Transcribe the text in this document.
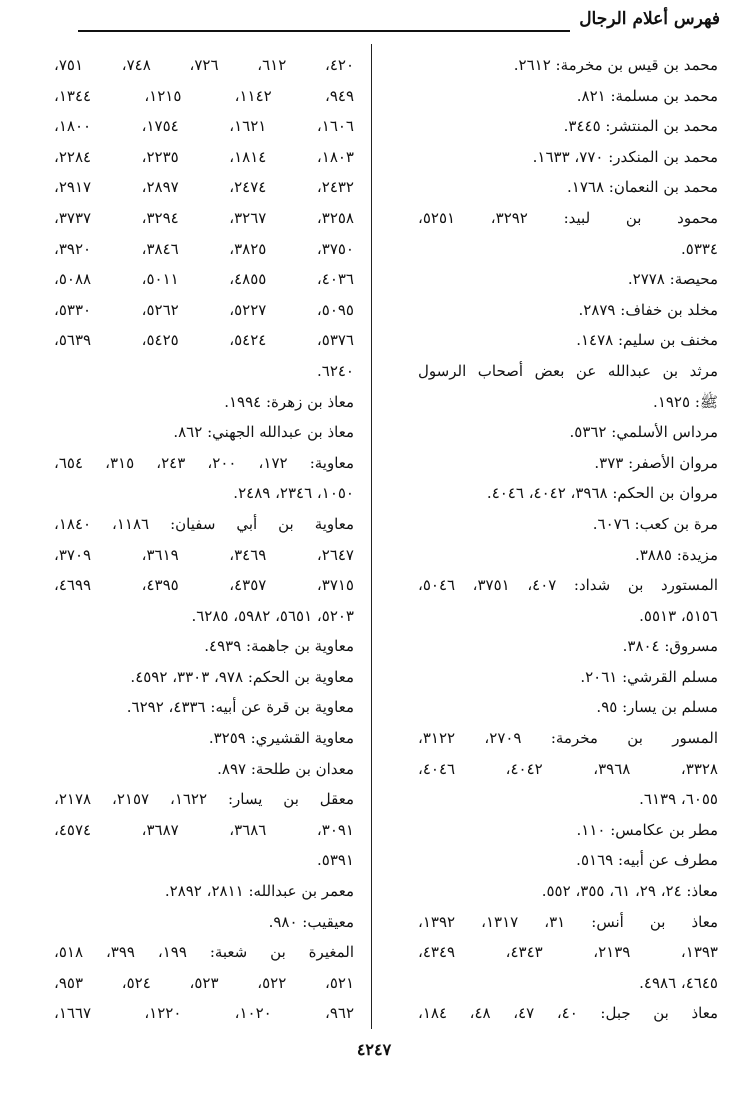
فهرس أعلام الرجال
محمد بن قيس بن مخرمة: ٢٦١٢.
محمد بن مسلمة: ٨٢١.
محمد بن المنتشر: ٣٤٤٥.
محمد بن المنكدر: ٧٧٠، ١٦٣٣.
محمد بن النعمان: ١٧٦٨.
محمود بن لبيد: ٣٢٩٢، ٥٢٥١،
٥٣٣٤.
محيصة: ٢٧٧٨.
مخلد بن خفاف: ٢٨٧٩.
مخنف بن سليم: ١٤٧٨.
مرثد بن عبدالله عن بعض أصحاب الرسول
ﷺ: ١٩٢٥.
مرداس الأسلمي: ٥٣٦٢.
مروان الأصفر: ٣٧٣.
مروان بن الحكم: ٣٩٦٨، ٤٠٤٢، ٤٠٤٦.
مرة بن كعب: ٦٠٧٦.
مزيدة: ٣٨٨٥.
المستورد بن شداد: ٤٠٧، ٣٧٥١، ٥٠٤٦،
٥١٥٦، ٥٥١٣.
مسروق: ٣٨٠٤.
مسلم القرشي: ٢٠٦١.
مسلم بن يسار: ٩٥.
المسور بن مخرمة: ٢٧٠٩، ٣١٢٢،
٣٣٢٨، ٣٩٦٨، ٤٠٤٢، ٤٠٤٦،
٦٠٥٥، ٦١٣٩.
مطر بن عكامس: ١١٠.
مطرف عن أبيه: ٥١٦٩.
معاذ: ٢٤، ٢٩، ٦١، ٣٥٥، ٥٥٢.
معاذ بن أنس: ٣١، ١٣١٧، ١٣٩٢،
١٣٩٣، ٢١٣٩، ٤٣٤٣، ٤٣٤٩،
٤٦٤٥، ٤٩٨٦.
معاذ بن جبل: ٤٠، ٤٧، ٤٨، ١٨٤،
٤٢٠، ٦١٢، ٧٢٦، ٧٤٨، ٧٥١،
٩٤٩، ١١٤٢، ١٢١٥، ١٣٤٤،
١٦٠٦، ١٦٢١، ١٧٥٤، ١٨٠٠،
١٨٠٣، ١٨١٤، ٢٢٣٥، ٢٢٨٤،
٢٤٣٢، ٢٤٧٤، ٢٨٩٧، ٢٩١٧،
٣٢٥٨، ٣٢٦٧، ٣٢٩٤، ٣٧٣٧،
٣٧٥٠، ٣٨٢٥، ٣٨٤٦، ٣٩٢٠،
٤٠٣٦، ٤٨٥٥، ٥٠١١، ٥٠٨٨،
٥٠٩٥، ٥٢٢٧، ٥٢٦٢، ٥٣٣٠،
٥٣٧٦، ٥٤٢٤، ٥٤٢٥، ٥٦٣٩،
٦٢٤٠.
معاذ بن زهرة: ١٩٩٤.
معاذ بن عبدالله الجهني: ٨٦٢.
معاوية: ١٧٢، ٢٠٠، ٢٤٣، ٣١٥، ٦٥٤،
١٠٥٠، ٢٣٤٦، ٢٤٨٩.
معاوية بن أبي سفيان: ١١٨٦، ١٨٤٠،
٢٦٤٧، ٣٤٦٩، ٣٦١٩، ٣٧٠٩،
٣٧١٥، ٤٣٥٧، ٤٣٩٥، ٤٦٩٩،
٥٢٠٣، ٥٦٥١، ٥٩٨٢، ٦٢٨٥.
معاوية بن جاهمة: ٤٩٣٩.
معاوية بن الحكم: ٩٧٨، ٣٣٠٣، ٤٥٩٢.
معاوية بن قرة عن أبيه: ٤٣٣٦، ٦٢٩٢.
معاوية القشيري: ٣٢٥٩.
معدان بن طلحة: ٨٩٧.
معقل بن يسار: ١٦٢٢، ٢١٥٧، ٢١٧٨،
٣٠٩١، ٣٦٨٦، ٣٦٨٧، ٤٥٧٤،
٥٣٩١.
معمر بن عبدالله: ٢٨١١، ٢٨٩٢.
معيقيب: ٩٨٠.
المغيرة بن شعبة: ١٩٩، ٣٩٩، ٥١٨،
٥٢١، ٥٢٢، ٥٢٣، ٥٢٤، ٩٥٣،
٩٦٢، ١٠٢٠، ١٢٢٠، ١٦٦٧،
٤٢٤٧
